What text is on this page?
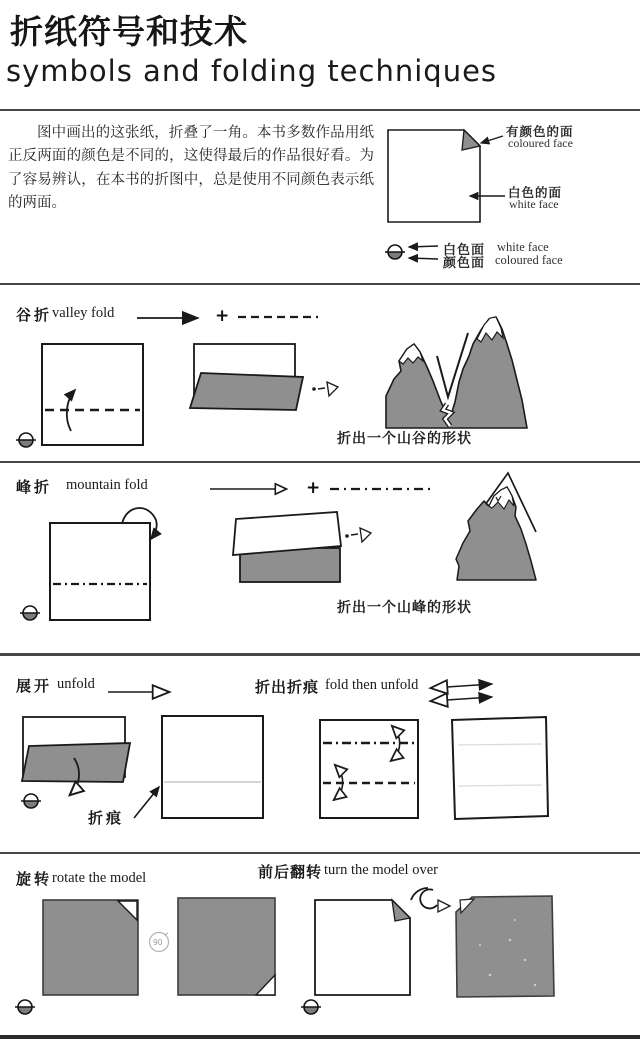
折纸符号和技术
symbols and folding techniques
图中画出的这张纸，折叠了一角。本书多数作品用纸正反两面的颜色是不同的，这使得最后的作品很好看。为了容易辨认，在本书的折图中，总是使用不同颜色表示纸的两面。
有颜色的面
coloured face
白色的面
white face
白色面 white face
颜色面 coloured face
谷折 valley fold	+
折出一个山谷的形状
峰折 mountain fold	+
折出一个山峰的形状
展开 unfold
折痕
折出折痕 fold then unfold
旋转 rotate the model
90
前后翻转 turn the model over
